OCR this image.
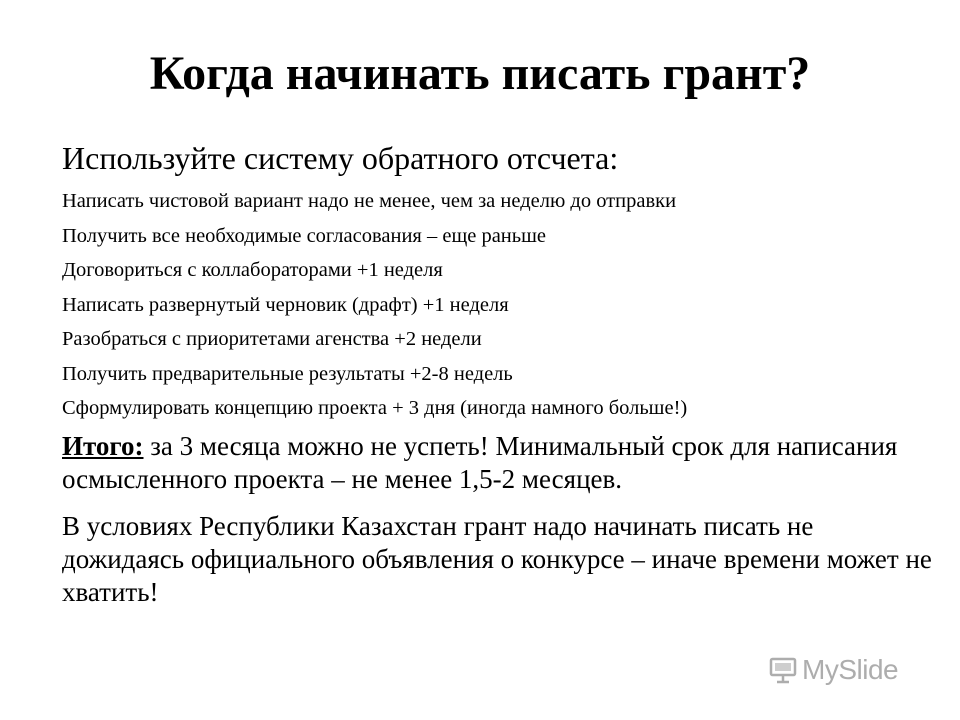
Когда начинать писать грант?
Используйте систему обратного отсчета:
Написать чистовой вариант надо не менее, чем за неделю до отправки
Получить все необходимые согласования – еще раньше
Договориться с коллабораторами +1 неделя
Написать развернутый черновик (драфт) +1 неделя
Разобраться с приоритетами агенства +2 недели
Получить предварительные результаты +2-8 недель
Сформулировать концепцию проекта + 3 дня (иногда намного больше!)
Итого: за 3 месяца можно не успеть! Минимальный срок для написания осмысленного проекта – не менее 1,5-2 месяцев.
В условиях Республики Казахстан грант надо начинать писать не дожидаясь официального объявления о конкурсе – иначе времени может не хватить!
MySlide
